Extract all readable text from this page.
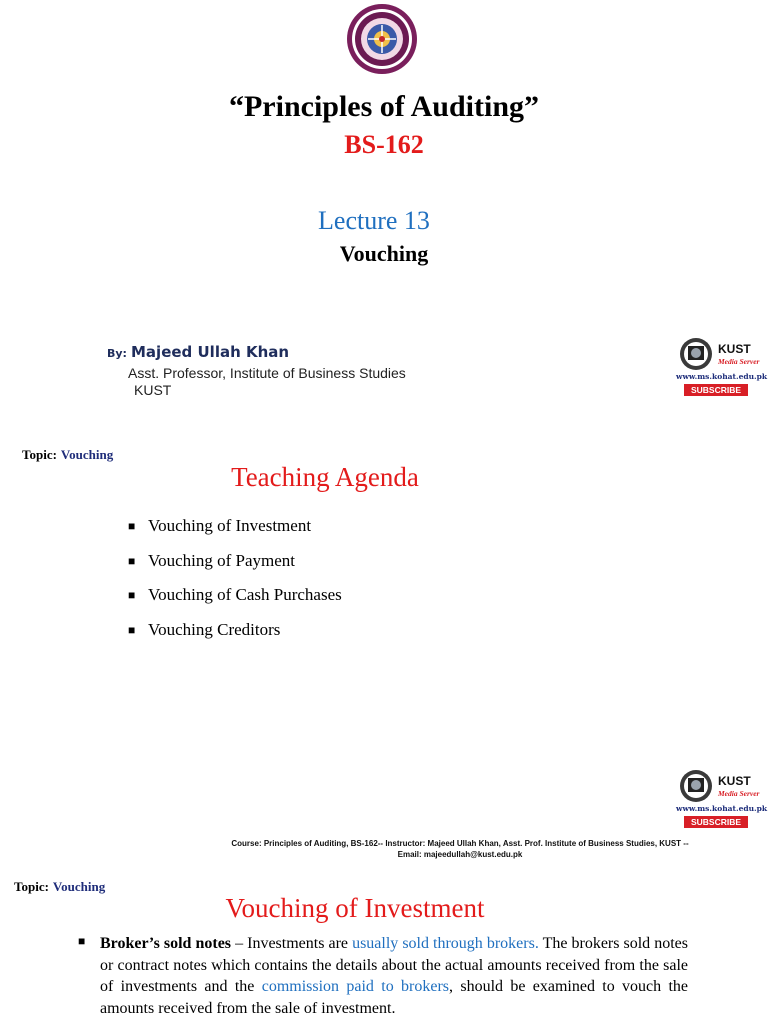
“Principles of Auditing”
BS-162
Lecture 13
Vouching
By: Majeed Ullah Khan
Asst. Professor, Institute of Business Studies
KUST
KUST
Media Server
www.ms.kohat.edu.pk
SUBSCRIBE
Topic: Vouching
Teaching Agenda
■ Vouching of Investment
■ Vouching of Payment
■ Vouching of Cash Purchases
■ Vouching Creditors
KUST
Media Server
www.ms.kohat.edu.pk
SUBSCRIBE
Course: Principles of Auditing, BS-162-- Instructor: Majeed Ullah Khan, Asst. Prof. Institute of Business Studies, KUST --
Email: majeedullah@kust.edu.pk
Topic: Vouching
Vouching of Investment
■ Broker’s sold notes – Investments are usually sold through brokers. The brokers sold notes or contract notes which contains the details about the actual amounts received from the sale of investments and the commission paid to brokers, should be examined to vouch the amounts received from the sale of investment.
